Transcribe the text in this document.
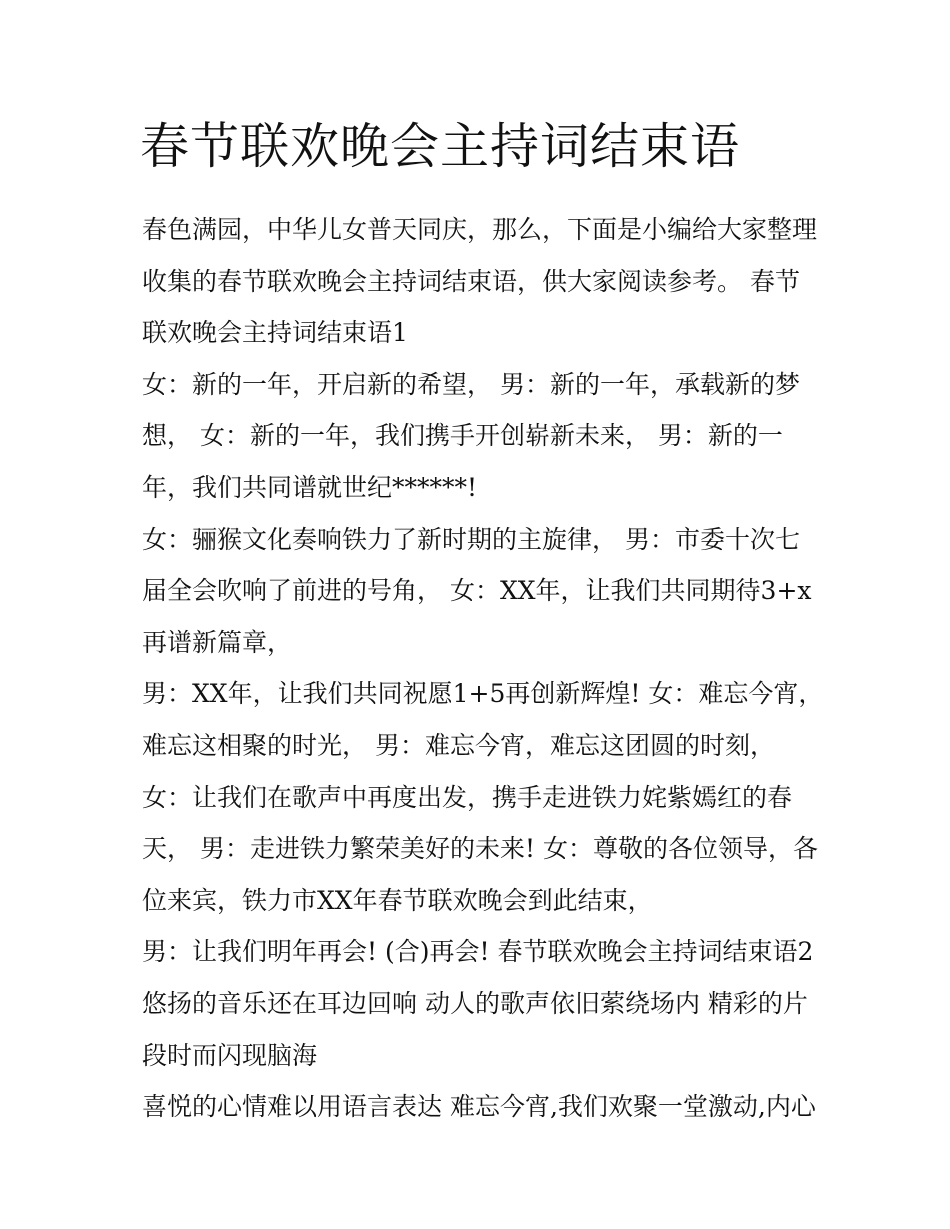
春节联欢晚会主持词结束语
春色满园，中华儿女普天同庆，那么，下面是小编给大家整理
收集的春节联欢晚会主持词结束语，供大家阅读参考。 春节
联欢晚会主持词结束语1
女：新的一年，开启新的希望， 男：新的一年，承载新的梦
想， 女：新的一年，我们携手开创崭新未来， 男：新的一
年，我们共同谱就世纪******!
女：骊猴文化奏响铁力了新时期的主旋律， 男：市委十次七
届全会吹响了前进的号角， 女：XX年，让我们共同期待3+x
再谱新篇章，
男：XX年，让我们共同祝愿1+5再创新辉煌! 女：难忘今宵，
难忘这相聚的时光， 男：难忘今宵，难忘这团圆的时刻，
女：让我们在歌声中再度出发，携手走进铁力姹紫嫣红的春
天， 男：走进铁力繁荣美好的未来! 女：尊敬的各位领导，各
位来宾，铁力市XX年春节联欢晚会到此结束，
男：让我们明年再会! (合)再会! 春节联欢晚会主持词结束语2
悠扬的音乐还在耳边回响 动人的歌声依旧萦绕场内 精彩的片
段时而闪现脑海
喜悦的心情难以用语言表达 难忘今宵,我们欢聚一堂激动,内心
